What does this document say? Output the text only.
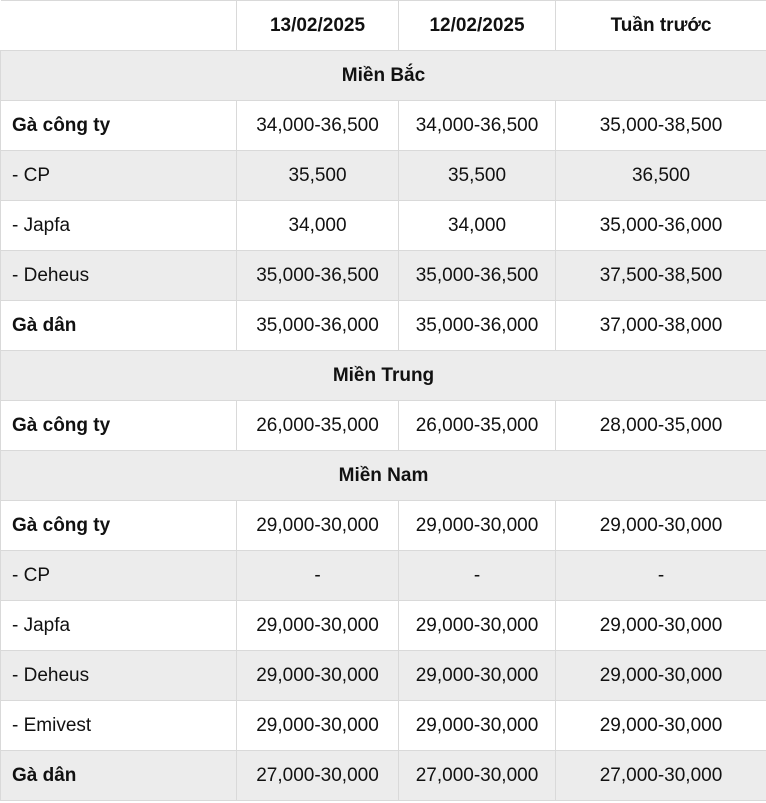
	13/02/2025	12/02/2025	Tuần trước
Miền Bắc			
Gà công ty	34,000-36,500	34,000-36,500	35,000-38,500
- CP	35,500	35,500	36,500
- Japfa	34,000	34,000	35,000-36,000
- Deheus	35,000-36,500	35,000-36,500	37,500-38,500
Gà dân	35,000-36,000	35,000-36,000	37,000-38,000
Miền Trung			
Gà công ty	26,000-35,000	26,000-35,000	28,000-35,000
Miền Nam			
Gà công ty	29,000-30,000	29,000-30,000	29,000-30,000
- CP	-	-	-
- Japfa	29,000-30,000	29,000-30,000	29,000-30,000
- Deheus	29,000-30,000	29,000-30,000	29,000-30,000
- Emivest	29,000-30,000	29,000-30,000	29,000-30,000
Gà dân	27,000-30,000	27,000-30,000	27,000-30,000
